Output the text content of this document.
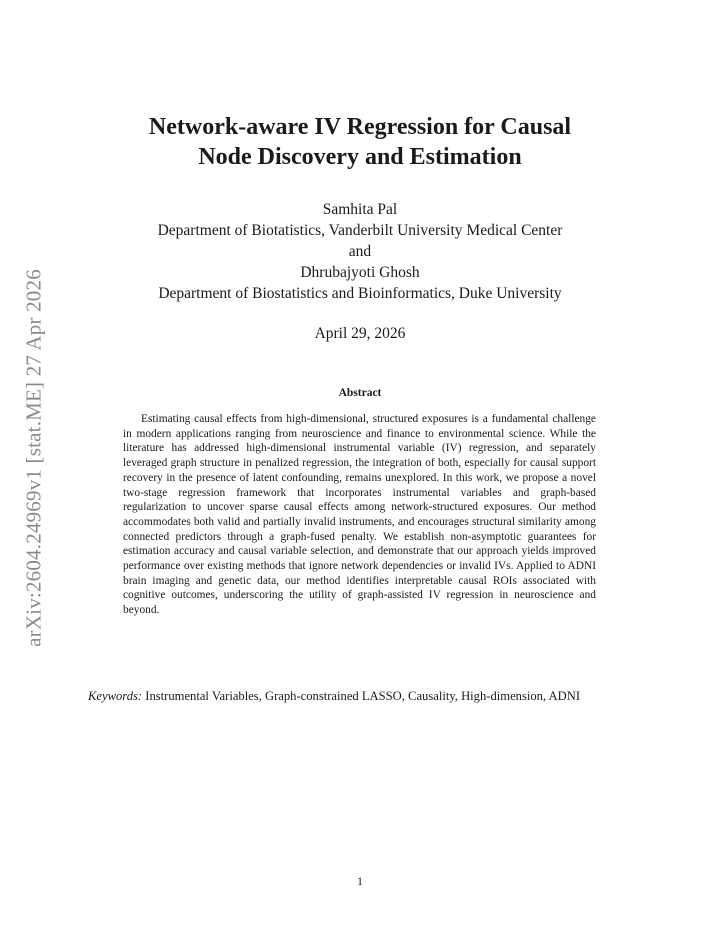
arXiv:2604.24969v1 [stat.ME] 27 Apr 2026
Network-aware IV Regression for Causal
Node Discovery and Estimation
Samhita Pal
Department of Biotatistics, Vanderbilt University Medical Center
and
Dhrubajyoti Ghosh
Department of Biostatistics and Bioinformatics, Duke University
April 29, 2026
Abstract

Estimating causal effects from high-dimensional, structured exposures is a fundamental challenge in modern applications ranging from neuroscience and finance to environmental science. While the literature has addressed high-dimensional instrumental variable (IV) regression, and separately leveraged graph structure in penalized regression, the integration of both, especially for causal support recovery in the presence of latent confounding, remains unexplored. In this work, we propose a novel two-stage regression framework that incorporates instrumental variables and graph-based regularization to uncover sparse causal effects among network-structured exposures. Our method accommodates both valid and partially invalid instruments, and encourages structural similarity among connected predictors through a graph-fused penalty. We establish non-asymptotic guarantees for estimation accuracy and causal variable selection, and demonstrate that our approach yields improved performance over existing methods that ignore network dependencies or invalid IVs. Applied to ADNI brain imaging and genetic data, our method identifies interpretable causal ROIs associated with cognitive outcomes, underscoring the utility of graph-assisted IV regression in neuroscience and beyond.

Keywords: Instrumental Variables, Graph-constrained LASSO, Causality, High-dimension, ADNI

1
